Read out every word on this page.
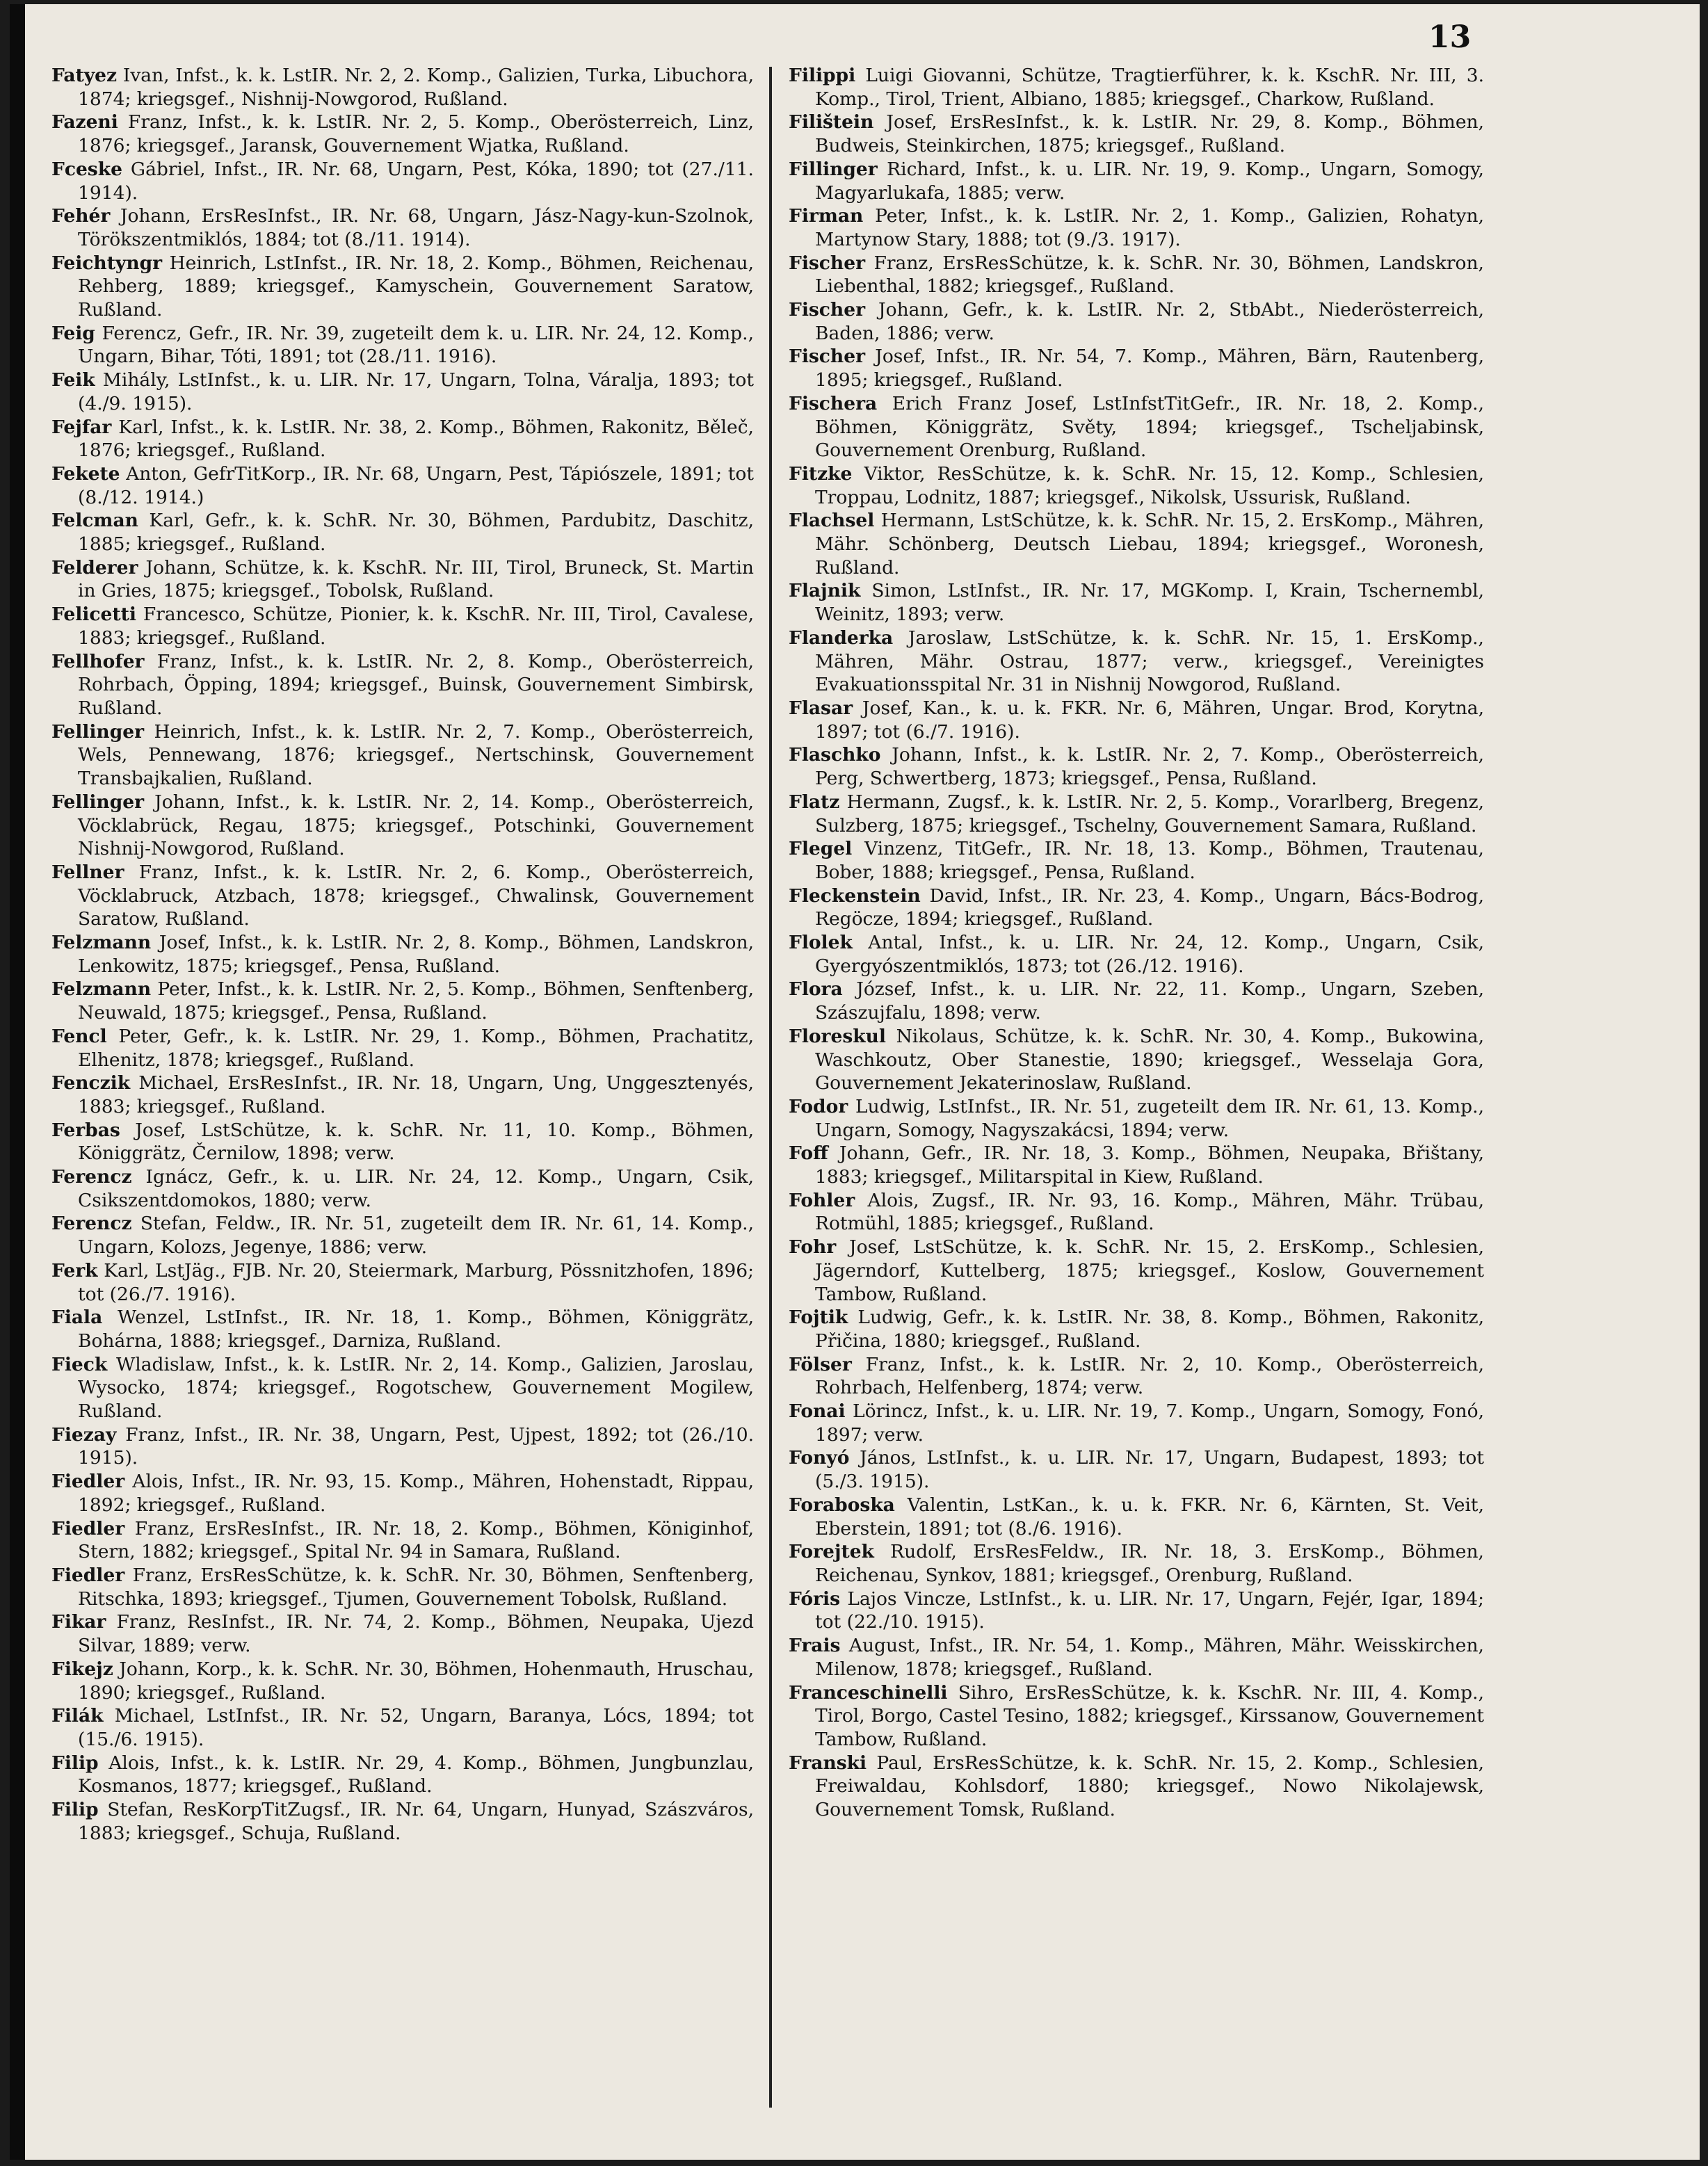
13

Fatyez Ivan, Infst., k. k. LstIR. Nr. 2, 2. Komp., Galizien, Turka, Libuchora, 1874; kriegsgef., Nishnij-Nowgorod, Rußland.

Fazeni Franz, Infst., k. k. LstIR. Nr. 2, 5. Komp., Oberösterreich, Linz, 1876; kriegsgef., Jaransk, Gouvernement Wjatka, Rußland.

Fceske Gábriel, Infst., IR. Nr. 68, Ungarn, Pest, Kóka, 1890; tot (27./11. 1914).

Fehér Johann, ErsResInfst., IR. Nr. 68, Ungarn, Jász-Nagy-kun-Szolnok, Törökszentmiklós, 1884; tot (8./11. 1914).

Feichtyngr Heinrich, LstInfst., IR. Nr. 18, 2. Komp., Böhmen, Reichenau, Rehberg, 1889; kriegsgef., Kamyschein, Gouvernement Saratow, Rußland.

Feig Ferencz, Gefr., IR. Nr. 39, zugeteilt dem k. u. LIR. Nr. 24, 12. Komp., Ungarn, Bihar, Tóti, 1891; tot (28./11. 1916).

Feik Mihály, LstInfst., k. u. LIR. Nr. 17, Ungarn, Tolna, Váralja, 1893; tot (4./9. 1915).

Fejfar Karl, Infst., k. k. LstIR. Nr. 38, 2. Komp., Böhmen, Rakonitz, Běleč, 1876; kriegsgef., Rußland.

Fekete Anton, GefrTitKorp., IR. Nr. 68, Ungarn, Pest, Tápiószele, 1891; tot (8./12. 1914.)

Felcman Karl, Gefr., k. k. SchR. Nr. 30, Böhmen, Pardubitz, Daschitz, 1885; kriegsgef., Rußland.

Felderer Johann, Schütze, k. k. KschR. Nr. III, Tirol, Bruneck, St. Martin in Gries, 1875; kriegsgef., Tobolsk, Rußland.

Felicetti Francesco, Schütze, Pionier, k. k. KschR. Nr. III, Tirol, Cavalese, 1883; kriegsgef., Rußland.

Fellhofer Franz, Infst., k. k. LstIR. Nr. 2, 8. Komp., Oberösterreich, Rohrbach, Öpping, 1894; kriegsgef., Buinsk, Gouvernement Simbirsk, Rußland.

Fellinger Heinrich, Infst., k. k. LstIR. Nr. 2, 7. Komp., Oberösterreich, Wels, Pennewang, 1876; kriegsgef., Nertschinsk, Gouvernement Transbajkalien, Rußland.

Fellinger Johann, Infst., k. k. LstIR. Nr. 2, 14. Komp., Oberösterreich, Vöcklabrück, Regau, 1875; kriegsgef., Potschinki, Gouvernement Nishnij-Nowgorod, Rußland.

Fellner Franz, Infst., k. k. LstIR. Nr. 2, 6. Komp., Oberösterreich, Vöcklabruck, Atzbach, 1878; kriegsgef., Chwalinsk, Gouvernement Saratow, Rußland.

Felzmann Josef, Infst., k. k. LstIR. Nr. 2, 8. Komp., Böhmen, Landskron, Lenkowitz, 1875; kriegsgef., Pensa, Rußland.

Felzmann Peter, Infst., k. k. LstIR. Nr. 2, 5. Komp., Böhmen, Senftenberg, Neuwald, 1875; kriegsgef., Pensa, Rußland.

Fencl Peter, Gefr., k. k. LstIR. Nr. 29, 1. Komp., Böhmen, Prachatitz, Elhenitz, 1878; kriegsgef., Rußland.

Fenczik Michael, ErsResInfst., IR. Nr. 18, Ungarn, Ung, Unggesztenyés, 1883; kriegsgef., Rußland.

Ferbas Josef, LstSchütze, k. k. SchR. Nr. 11, 10. Komp., Böhmen, Königgrätz, Černilow, 1898; verw.

Ferencz Ignácz, Gefr., k. u. LIR. Nr. 24, 12. Komp., Ungarn, Csik, Csikszentdomokos, 1880; verw.

Ferencz Stefan, Feldw., IR. Nr. 51, zugeteilt dem IR. Nr. 61, 14. Komp., Ungarn, Kolozs, Jegenye, 1886; verw.

Ferk Karl, LstJäg., FJB. Nr. 20, Steiermark, Marburg, Pössnitzhofen, 1896; tot (26./7. 1916).

Fiala Wenzel, LstInfst., IR. Nr. 18, 1. Komp., Böhmen, Königgrätz, Bohárna, 1888; kriegsgef., Darniza, Rußland.

Fieck Wladislaw, Infst., k. k. LstIR. Nr. 2, 14. Komp., Galizien, Jaroslau, Wysocko, 1874; kriegsgef., Rogotschew, Gouvernement Mogilew, Rußland.

Fiezay Franz, Infst., IR. Nr. 38, Ungarn, Pest, Ujpest, 1892; tot (26./10. 1915).

Fiedler Alois, Infst., IR. Nr. 93, 15. Komp., Mähren, Hohenstadt, Rippau, 1892; kriegsgef., Rußland.

Fiedler Franz, ErsResInfst., IR. Nr. 18, 2. Komp., Böhmen, Königinhof, Stern, 1882; kriegsgef., Spital Nr. 94 in Samara, Rußland.

Fiedler Franz, ErsResSchütze, k. k. SchR. Nr. 30, Böhmen, Senftenberg, Ritschka, 1893; kriegsgef., Tjumen, Gouvernement Tobolsk, Rußland.

Fikar Franz, ResInfst., IR. Nr. 74, 2. Komp., Böhmen, Neupaka, Ujezd Silvar, 1889; verw.

Fikejz Johann, Korp., k. k. SchR. Nr. 30, Böhmen, Hohenmauth, Hruschau, 1890; kriegsgef., Rußland.

Filák Michael, LstInfst., IR. Nr. 52, Ungarn, Baranya, Lócs, 1894; tot (15./6. 1915).

Filip Alois, Infst., k. k. LstIR. Nr. 29, 4. Komp., Böhmen, Jungbunzlau, Kosmanos, 1877; kriegsgef., Rußland.

Filip Stefan, ResKorpTitZugsf., IR. Nr. 64, Ungarn, Hunyad, Szászváros, 1883; kriegsgef., Schuja, Rußland.

Filippi Luigi Giovanni, Schütze, Tragtierführer, k. k. KschR. Nr. III, 3. Komp., Tirol, Trient, Albiano, 1885; kriegsgef., Charkow, Rußland.

Filištein Josef, ErsResInfst., k. k. LstIR. Nr. 29, 8. Komp., Böhmen, Budweis, Steinkirchen, 1875; kriegsgef., Rußland.

Fillinger Richard, Infst., k. u. LIR. Nr. 19, 9. Komp., Ungarn, Somogy, Magyarlukafa, 1885; verw.

Firman Peter, Infst., k. k. LstIR. Nr. 2, 1. Komp., Galizien, Rohatyn, Martynow Stary, 1888; tot (9./3. 1917).

Fischer Franz, ErsResSchütze, k. k. SchR. Nr. 30, Böhmen, Landskron, Liebenthal, 1882; kriegsgef., Rußland.

Fischer Johann, Gefr., k. k. LstIR. Nr. 2, StbAbt., Niederösterreich, Baden, 1886; verw.

Fischer Josef, Infst., IR. Nr. 54, 7. Komp., Mähren, Bärn, Rautenberg, 1895; kriegsgef., Rußland.

Fischera Erich Franz Josef, LstInfstTitGefr., IR. Nr. 18, 2. Komp., Böhmen, Königgrätz, Světy, 1894; kriegsgef., Tscheljabinsk, Gouvernement Orenburg, Rußland.

Fitzke Viktor, ResSchütze, k. k. SchR. Nr. 15, 12. Komp., Schlesien, Troppau, Lodnitz, 1887; kriegsgef., Nikolsk, Ussurisk, Rußland.

Flachsel Hermann, LstSchütze, k. k. SchR. Nr. 15, 2. ErsKomp., Mähren, Mähr. Schönberg, Deutsch Liebau, 1894; kriegsgef., Woronesh, Rußland.

Flajnik Simon, LstInfst., IR. Nr. 17, MGKomp. I, Krain, Tschernembl, Weinitz, 1893; verw.

Flanderka Jaroslaw, LstSchütze, k. k. SchR. Nr. 15, 1. ErsKomp., Mähren, Mähr. Ostrau, 1877; verw., kriegsgef., Vereinigtes Evakuationsspital Nr. 31 in Nishnij Nowgorod, Rußland.

Flasar Josef, Kan., k. u. k. FKR. Nr. 6, Mähren, Ungar. Brod, Korytna, 1897; tot (6./7. 1916).

Flaschko Johann, Infst., k. k. LstIR. Nr. 2, 7. Komp., Oberösterreich, Perg, Schwertberg, 1873; kriegsgef., Pensa, Rußland.

Flatz Hermann, Zugsf., k. k. LstIR. Nr. 2, 5. Komp., Vorarlberg, Bregenz, Sulzberg, 1875; kriegsgef., Tschelny, Gouvernement Samara, Rußland.

Flegel Vinzenz, TitGefr., IR. Nr. 18, 13. Komp., Böhmen, Trautenau, Bober, 1888; kriegsgef., Pensa, Rußland.

Fleckenstein David, Infst., IR. Nr. 23, 4. Komp., Ungarn, Bács-Bodrog, Regöcze, 1894; kriegsgef., Rußland.

Flolek Antal, Infst., k. u. LIR. Nr. 24, 12. Komp., Ungarn, Csik, Gyergyószentmiklós, 1873; tot (26./12. 1916).

Flora József, Infst., k. u. LIR. Nr. 22, 11. Komp., Ungarn, Szeben, Szászujfalu, 1898; verw.

Floreskul Nikolaus, Schütze, k. k. SchR. Nr. 30, 4. Komp., Bukowina, Waschkoutz, Ober Stanestie, 1890; kriegsgef., Wesselaja Gora, Gouvernement Jekaterinoslaw, Rußland.

Fodor Ludwig, LstInfst., IR. Nr. 51, zugeteilt dem IR. Nr. 61, 13. Komp., Ungarn, Somogy, Nagyszakácsi, 1894; verw.

Foff Johann, Gefr., IR. Nr. 18, 3. Komp., Böhmen, Neupaka, Břištany, 1883; kriegsgef., Militarspital in Kiew, Rußland.

Fohler Alois, Zugsf., IR. Nr. 93, 16. Komp., Mähren, Mähr. Trübau, Rotmühl, 1885; kriegsgef., Rußland.

Fohr Josef, LstSchütze, k. k. SchR. Nr. 15, 2. ErsKomp., Schlesien, Jägerndorf, Kuttelberg, 1875; kriegsgef., Koslow, Gouvernement Tambow, Rußland.

Fojtik Ludwig, Gefr., k. k. LstIR. Nr. 38, 8. Komp., Böhmen, Rakonitz, Přičina, 1880; kriegsgef., Rußland.

Fölser Franz, Infst., k. k. LstIR. Nr. 2, 10. Komp., Oberösterreich, Rohrbach, Helfenberg, 1874; verw.

Fonai Lörincz, Infst., k. u. LIR. Nr. 19, 7. Komp., Ungarn, Somogy, Fonó, 1897; verw.

Fonyó János, LstInfst., k. u. LIR. Nr. 17, Ungarn, Budapest, 1893; tot (5./3. 1915).

Foraboska Valentin, LstKan., k. u. k. FKR. Nr. 6, Kärnten, St. Veit, Eberstein, 1891; tot (8./6. 1916).

Forejtek Rudolf, ErsResFeldw., IR. Nr. 18, 3. ErsKomp., Böhmen, Reichenau, Synkov, 1881; kriegsgef., Orenburg, Rußland.

Fóris Lajos Vincze, LstInfst., k. u. LIR. Nr. 17, Ungarn, Fejér, Igar, 1894; tot (22./10. 1915).

Frais August, Infst., IR. Nr. 54, 1. Komp., Mähren, Mähr. Weisskirchen, Milenow, 1878; kriegsgef., Rußland.

Franceschinelli Sihro, ErsResSchütze, k. k. KschR. Nr. III, 4. Komp., Tirol, Borgo, Castel Tesino, 1882; kriegsgef., Kirssanow, Gouvernement Tambow, Rußland.

Franski Paul, ErsResSchütze, k. k. SchR. Nr. 15, 2. Komp., Schlesien, Freiwaldau, Kohlsdorf, 1880; kriegsgef., Nowo Nikolajewsk, Gouvernement Tomsk, Rußland.
